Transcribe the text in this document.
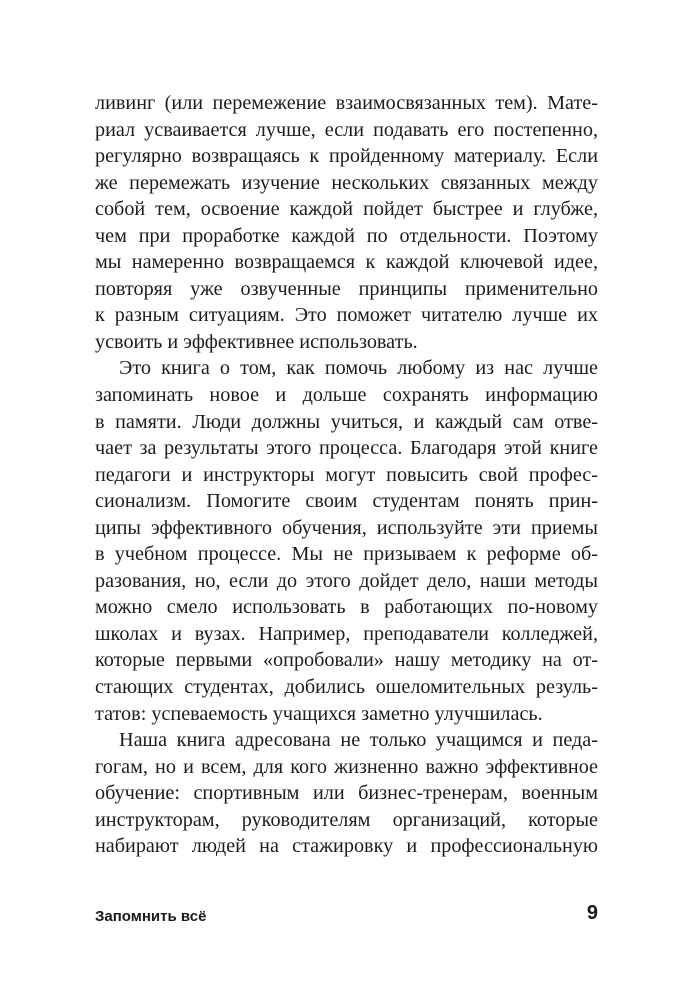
ливинг (или перемежение взаимосвязанных тем). Мате-
риал усваивается лучше, если подавать его постепенно,
регулярно возвращаясь к пройденному материалу. Если
же перемежать изучение нескольких связанных между
собой тем, освоение каждой пойдет быстрее и глубже,
чем при проработке каждой по отдельности. Поэтому
мы намеренно возвращаемся к каждой ключевой идее,
повторяя уже озвученные принципы применительно
к разным ситуациям. Это поможет читателю лучше их
усвоить и эффективнее использовать.
Это книга о том, как помочь любому из нас лучше
запоминать новое и дольше сохранять информацию
в памяти. Люди должны учиться, и каждый сам отве-
чает за результаты этого процесса. Благодаря этой книге
педагоги и инструкторы могут повысить свой профес-
сионализм. Помогите своим студентам понять прин-
ципы эффективного обучения, используйте эти приемы
в учебном процессе. Мы не призываем к реформе об-
разования, но, если до этого дойдет дело, наши методы
можно смело использовать в работающих по-новому
школах и вузах. Например, преподаватели колледжей,
которые первыми «опробовали» нашу методику на от-
стающих студентах, добились ошеломительных резуль-
татов: успеваемость учащихся заметно улучшилась.
Наша книга адресована не только учащимся и педа-
гогам, но и всем, для кого жизненно важно эффективное
обучение: спортивным или бизнес-тренерам, военным
инструкторам, руководителям организаций, которые
набирают людей на стажировку и профессиональную
Запомнить всё	9
